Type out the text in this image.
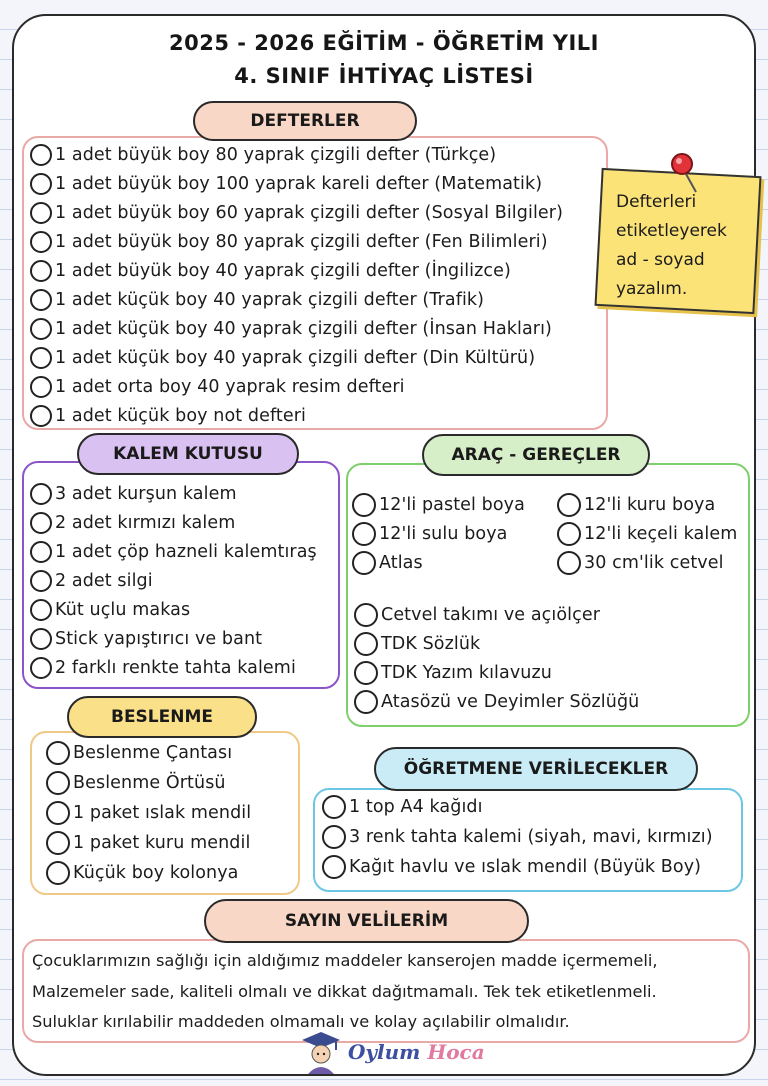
2025 - 2026 EĞİTİM - ÖĞRETİM YILI
4. SINIF İHTİYAÇ LİSTESİ
DEFTERLER
1 adet büyük boy 80 yaprak çizgili defter (Türkçe)
1 adet büyük boy 100 yaprak kareli defter (Matematik)
1 adet büyük boy 60 yaprak çizgili defter (Sosyal Bilgiler)
1 adet büyük boy 80 yaprak çizgili defter (Fen Bilimleri)
1 adet büyük boy 40 yaprak çizgili defter (İngilizce)
1 adet küçük boy 40 yaprak çizgili defter (Trafik)
1 adet küçük boy 40 yaprak çizgili defter (İnsan Hakları)
1 adet küçük boy 40 yaprak çizgili defter (Din Kültürü)
1 adet orta boy 40 yaprak resim defteri
1 adet küçük boy not defteri
Defterleri
etiketleyerek
ad - soyad
yazalım.
KALEM KUTUSU
3 adet kurşun kalem
2 adet kırmızı kalem
1 adet çöp hazneli kalemtıraş
2 adet silgi
Küt uçlu makas
Stick yapıştırıcı ve bant
2 farklı renkte tahta kalemi
ARAÇ - GEREÇLER
12'li pastel boya
12'li sulu boya
Atlas
12'li kuru boya
12'li keçeli kalem
30 cm'lik cetvel
Cetvel takımı ve açıölçer
TDK Sözlük
TDK Yazım kılavuzu
Atasözü ve Deyimler Sözlüğü
BESLENME
Beslenme Çantası
Beslenme Örtüsü
1 paket ıslak mendil
1 paket kuru mendil
Küçük boy kolonya
ÖĞRETMENE VERİLECEKLER
1 top A4 kağıdı
3 renk tahta kalemi (siyah, mavi, kırmızı)
Kağıt havlu ve ıslak mendil (Büyük Boy)
SAYIN VELİLERİM
Çocuklarımızın sağlığı için aldığımız maddeler kanserojen madde içermemeli,
Malzemeler sade, kaliteli olmalı ve dikkat dağıtmamalı. Tek tek etiketlenmeli.
Suluklar kırılabilir maddeden olmamalı ve kolay açılabilir olmalıdır.
Oylum Hoca
